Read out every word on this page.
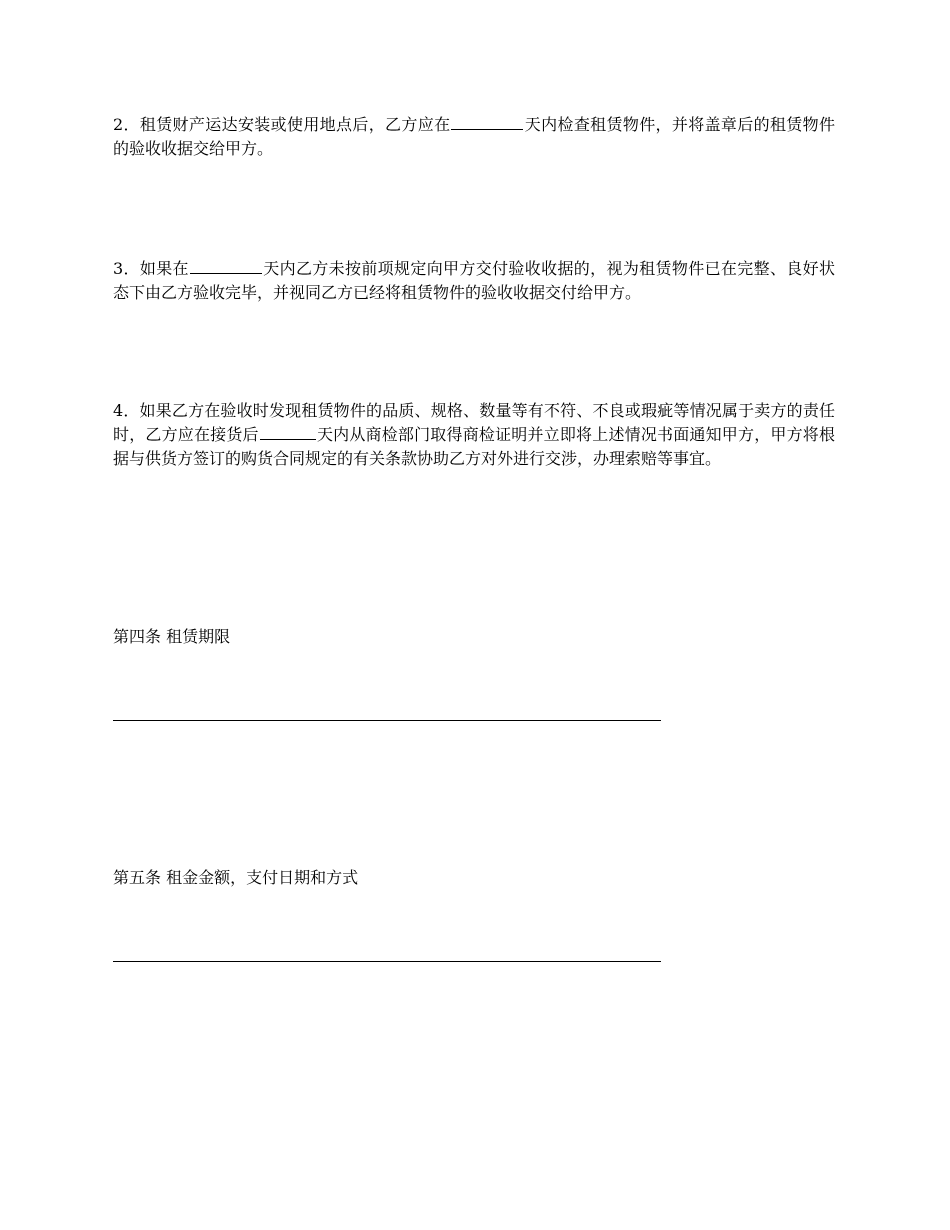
2．租赁财产运达安装或使用地点后，乙方应在	天内检查租赁物件，并将盖章后的租赁物件的验收收据交给甲方。

3．如果在	天内乙方未按前项规定向甲方交付验收收据的，视为租赁物件已在完整、良好状态下由乙方验收完毕，并视同乙方已经将租赁物件的验收收据交付给甲方。

4．如果乙方在验收时发现租赁物件的品质、规格、数量等有不符、不良或瑕疵等情况属于卖方的责任时，乙方应在接货后	天内从商检部门取得商检证明并立即将上述情况书面通知甲方，甲方将根据与供货方签订的购货合同规定的有关条款协助乙方对外进行交涉，办理索赔等事宜。

第四条 租赁期限

第五条 租金金额，支付日期和方式
